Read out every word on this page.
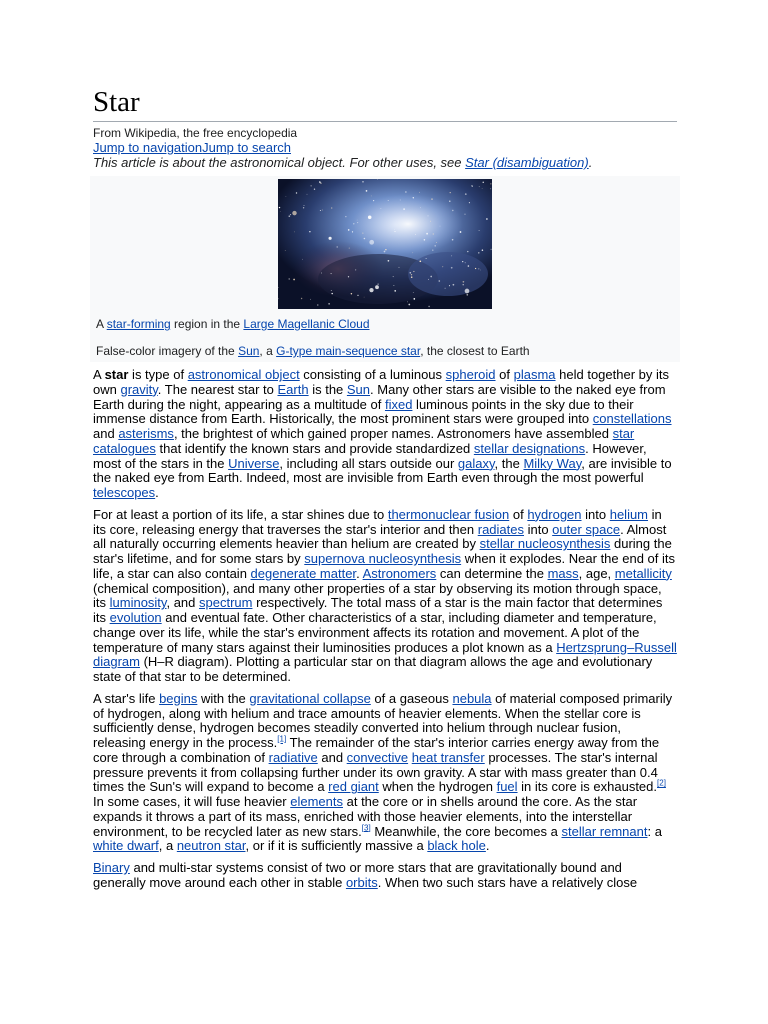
Star
From Wikipedia, the free encyclopedia
Jump to navigationJump to search
This article is about the astronomical object. For other uses, see Star (disambiguation).
A star-forming region in the Large Magellanic Cloud
False-color imagery of the Sun, a G-type main-sequence star, the closest to Earth

A star is type of astronomical object consisting of a luminous spheroid of plasma held together by its own gravity. The nearest star to Earth is the Sun. Many other stars are visible to the naked eye from Earth during the night, appearing as a multitude of fixed luminous points in the sky due to their immense distance from Earth. Historically, the most prominent stars were grouped into constellations and asterisms, the brightest of which gained proper names. Astronomers have assembled star catalogues that identify the known stars and provide standardized stellar designations. However, most of the stars in the Universe, including all stars outside our galaxy, the Milky Way, are invisible to the naked eye from Earth. Indeed, most are invisible from Earth even through the most powerful telescopes.

For at least a portion of its life, a star shines due to thermonuclear fusion of hydrogen into helium in its core, releasing energy that traverses the star's interior and then radiates into outer space. Almost all naturally occurring elements heavier than helium are created by stellar nucleosynthesis during the star's lifetime, and for some stars by supernova nucleosynthesis when it explodes. Near the end of its life, a star can also contain degenerate matter. Astronomers can determine the mass, age, metallicity (chemical composition), and many other properties of a star by observing its motion through space, its luminosity, and spectrum respectively. The total mass of a star is the main factor that determines its evolution and eventual fate. Other characteristics of a star, including diameter and temperature, change over its life, while the star's environment affects its rotation and movement. A plot of the temperature of many stars against their luminosities produces a plot known as a Hertzsprung–Russell diagram (H–R diagram). Plotting a particular star on that diagram allows the age and evolutionary state of that star to be determined.

A star's life begins with the gravitational collapse of a gaseous nebula of material composed primarily of hydrogen, along with helium and trace amounts of heavier elements. When the stellar core is sufficiently dense, hydrogen becomes steadily converted into helium through nuclear fusion, releasing energy in the process.[1] The remainder of the star's interior carries energy away from the core through a combination of radiative and convective heat transfer processes. The star's internal pressure prevents it from collapsing further under its own gravity. A star with mass greater than 0.4 times the Sun's will expand to become a red giant when the hydrogen fuel in its core is exhausted.[2] In some cases, it will fuse heavier elements at the core or in shells around the core. As the star expands it throws a part of its mass, enriched with those heavier elements, into the interstellar environment, to be recycled later as new stars.[3] Meanwhile, the core becomes a stellar remnant: a white dwarf, a neutron star, or if it is sufficiently massive a black hole.

Binary and multi-star systems consist of two or more stars that are gravitationally bound and generally move around each other in stable orbits. When two such stars have a relatively close
